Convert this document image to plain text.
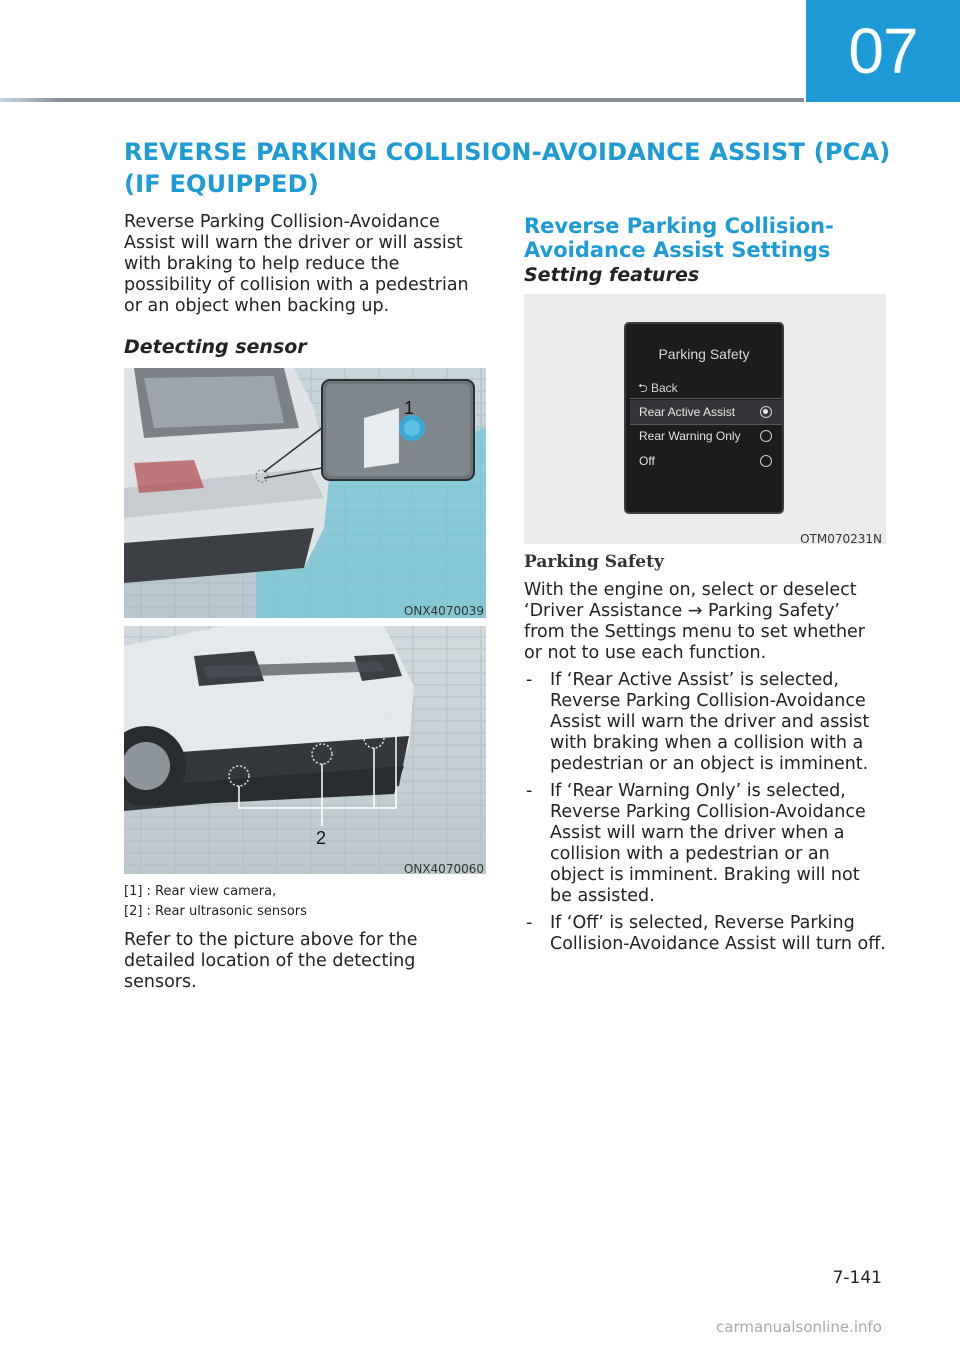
07
REVERSE PARKING COLLISION-AVOIDANCE ASSIST (PCA) (IF EQUIPPED)

Reverse Parking Collision-Avoidance Assist will warn the driver or will assist with braking to help reduce the possibility of collision with a pedestrian or an object when backing up.

Detecting sensor
1
ONX4070039
2
ONX4070060
[1] : Rear view camera,
[2] : Rear ultrasonic sensors

Refer to the picture above for the detailed location of the detecting sensors.

Reverse Parking Collision-Avoidance Assist Settings
Setting features
Parking Safety
⮌ Back
Rear Active Assist
Rear Warning Only
Off
OTM070231N
Parking Safety

With the engine on, select or deselect ‘Driver Assistance → Parking Safety’ from the Settings menu to set whether or not to use each function.

- If ‘Rear Active Assist’ is selected, Reverse Parking Collision-Avoidance Assist will warn the driver and assist with braking when a collision with a pedestrian or an object is imminent.
- If ‘Rear Warning Only’ is selected, Reverse Parking Collision-Avoidance Assist will warn the driver when a collision with a pedestrian or an object is imminent. Braking will not be assisted.
- If ‘Off’ is selected, Reverse Parking Collision-Avoidance Assist will turn off.
7-141
carmanualsonline.info
